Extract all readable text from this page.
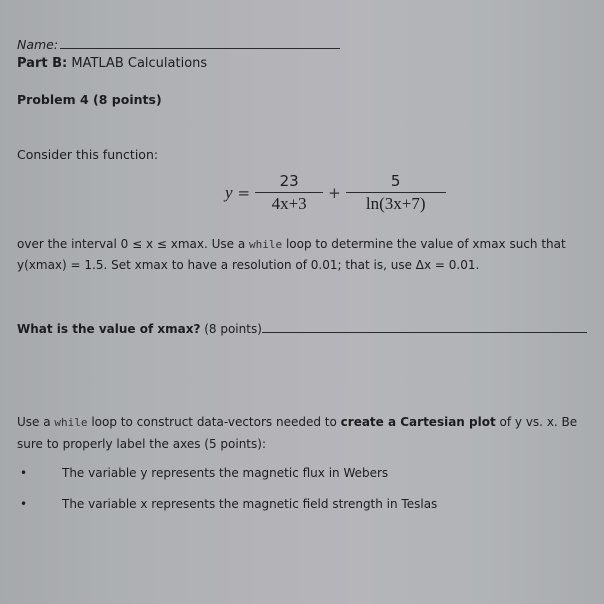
Name:
Part B: MATLAB Calculations
Problem 4 (8 points)
Consider this function:
$y = \frac{23}{4x+3} + \frac{5}{\ln(3x+7)}$
over the interval 0 ≤ x ≤ xmax. Use a while loop to determine the value of xmax such that
y(xmax) = 1.5. Set xmax to have a resolution of 0.01; that is, use Δx = 0.01.
What is the value of xmax? (8 points)
Use a while loop to construct data-vectors needed to create a Cartesian plot of y vs. x. Be
sure to properly label the axes (5 points):
•	The variable y represents the magnetic flux in Webers
•	The variable x represents the magnetic field strength in Teslas
